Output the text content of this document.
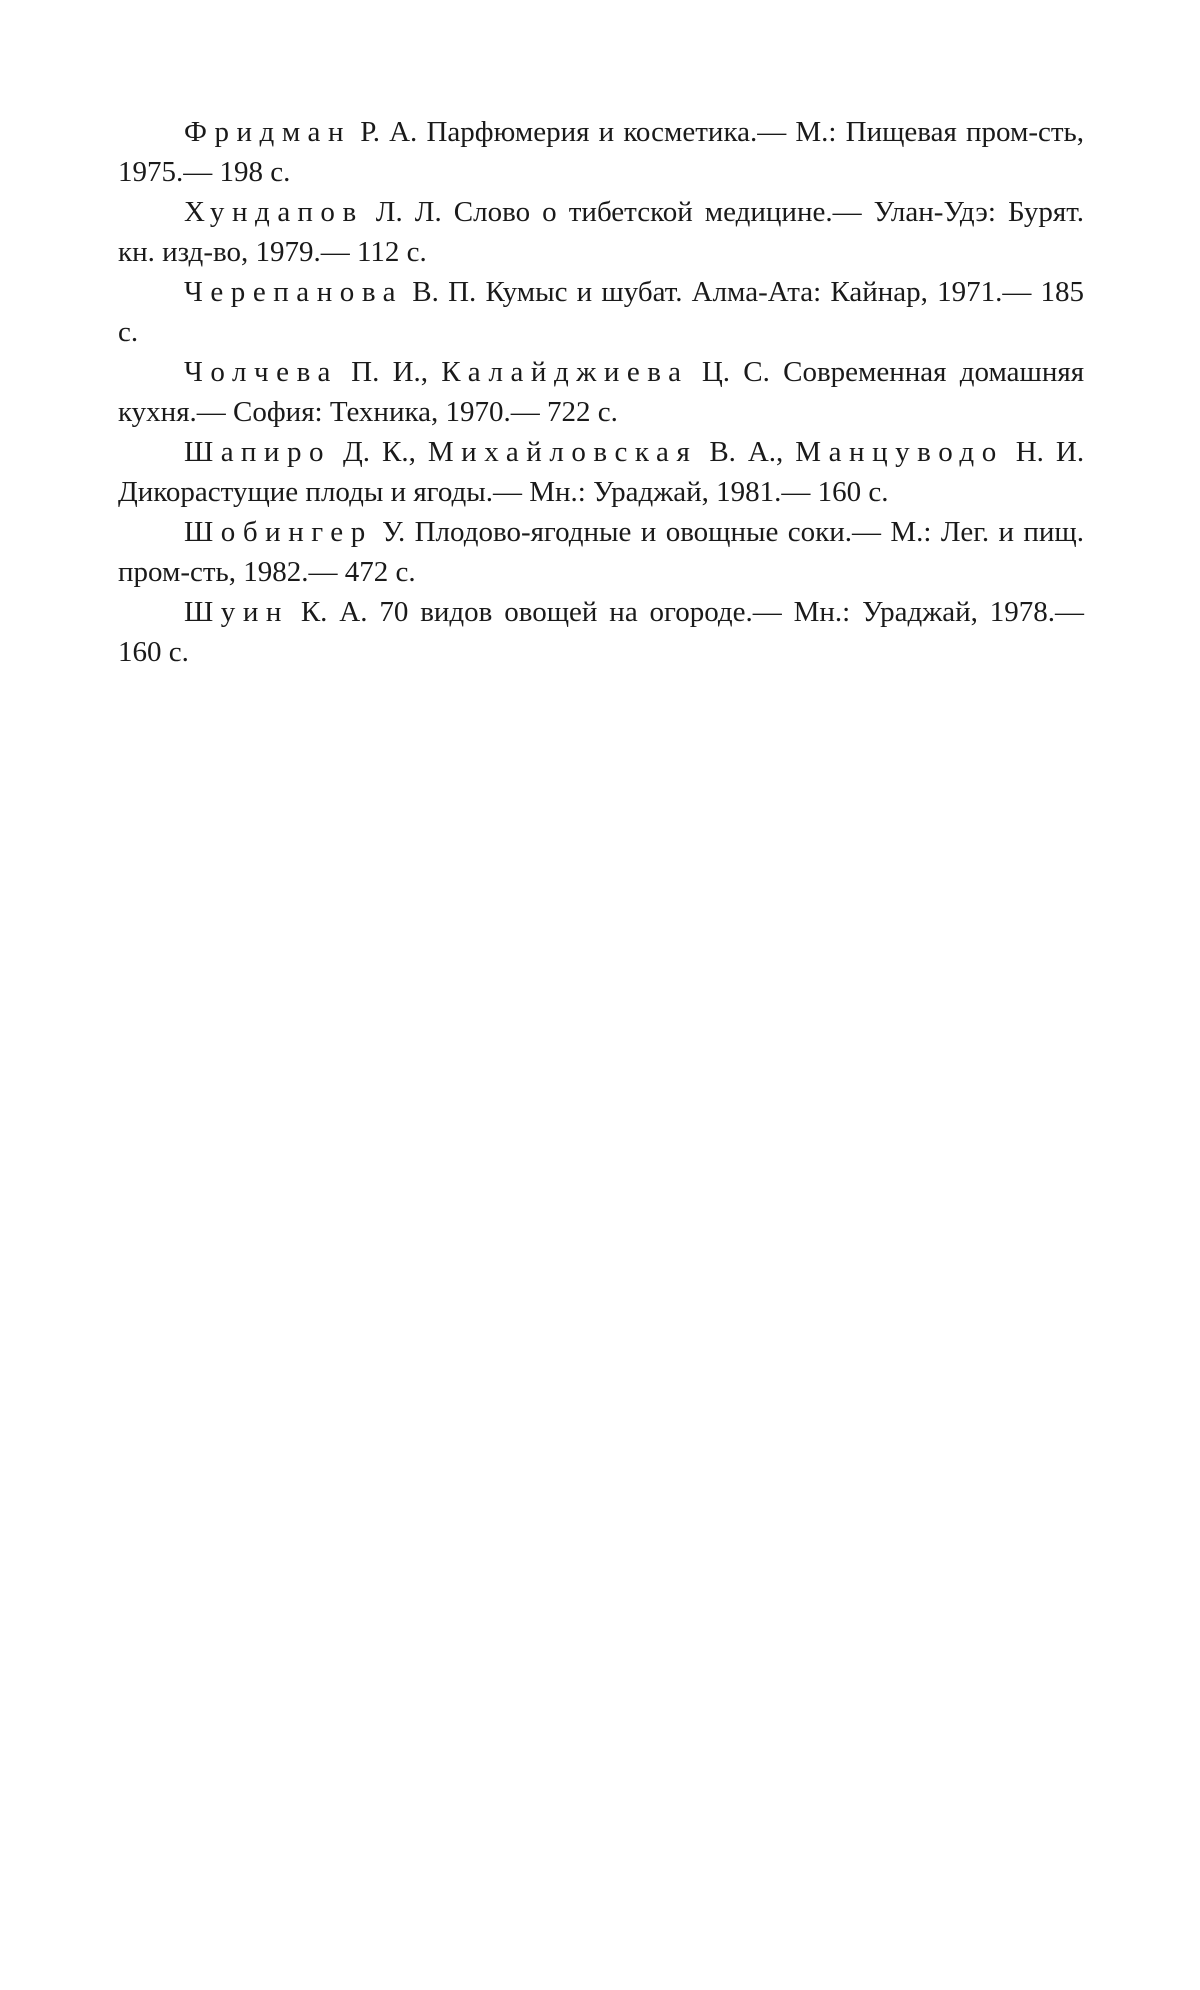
Фридман Р. А. Парфюмерия и косметика.— М.: Пищевая пром-сть, 1975.— 198 с.

Хундапов Л. Л. Слово о тибетской медицине.— Улан-Удэ: Бурят. кн. изд-во, 1979.— 112 с.

Черепанова В. П. Кумыс и шубат. Алма-Ата: Кайнар, 1971.— 185 с.

Чолчева П. И., Калайджиева Ц. С. Современная домашняя кухня.— София: Техника, 1970.— 722 с.

Шапиро Д. К., Михайловская В. А., Манцуводо Н. И. Дикорастущие плоды и ягоды.— Мн.: Ураджай, 1981.— 160 с.

Шобингер У. Плодово-ягодные и овощные соки.— М.: Лег. и пищ. пром-сть, 1982.— 472 с.

Шуин К. А. 70 видов овощей на огороде.— Мн.: Ураджай, 1978.— 160 с.
